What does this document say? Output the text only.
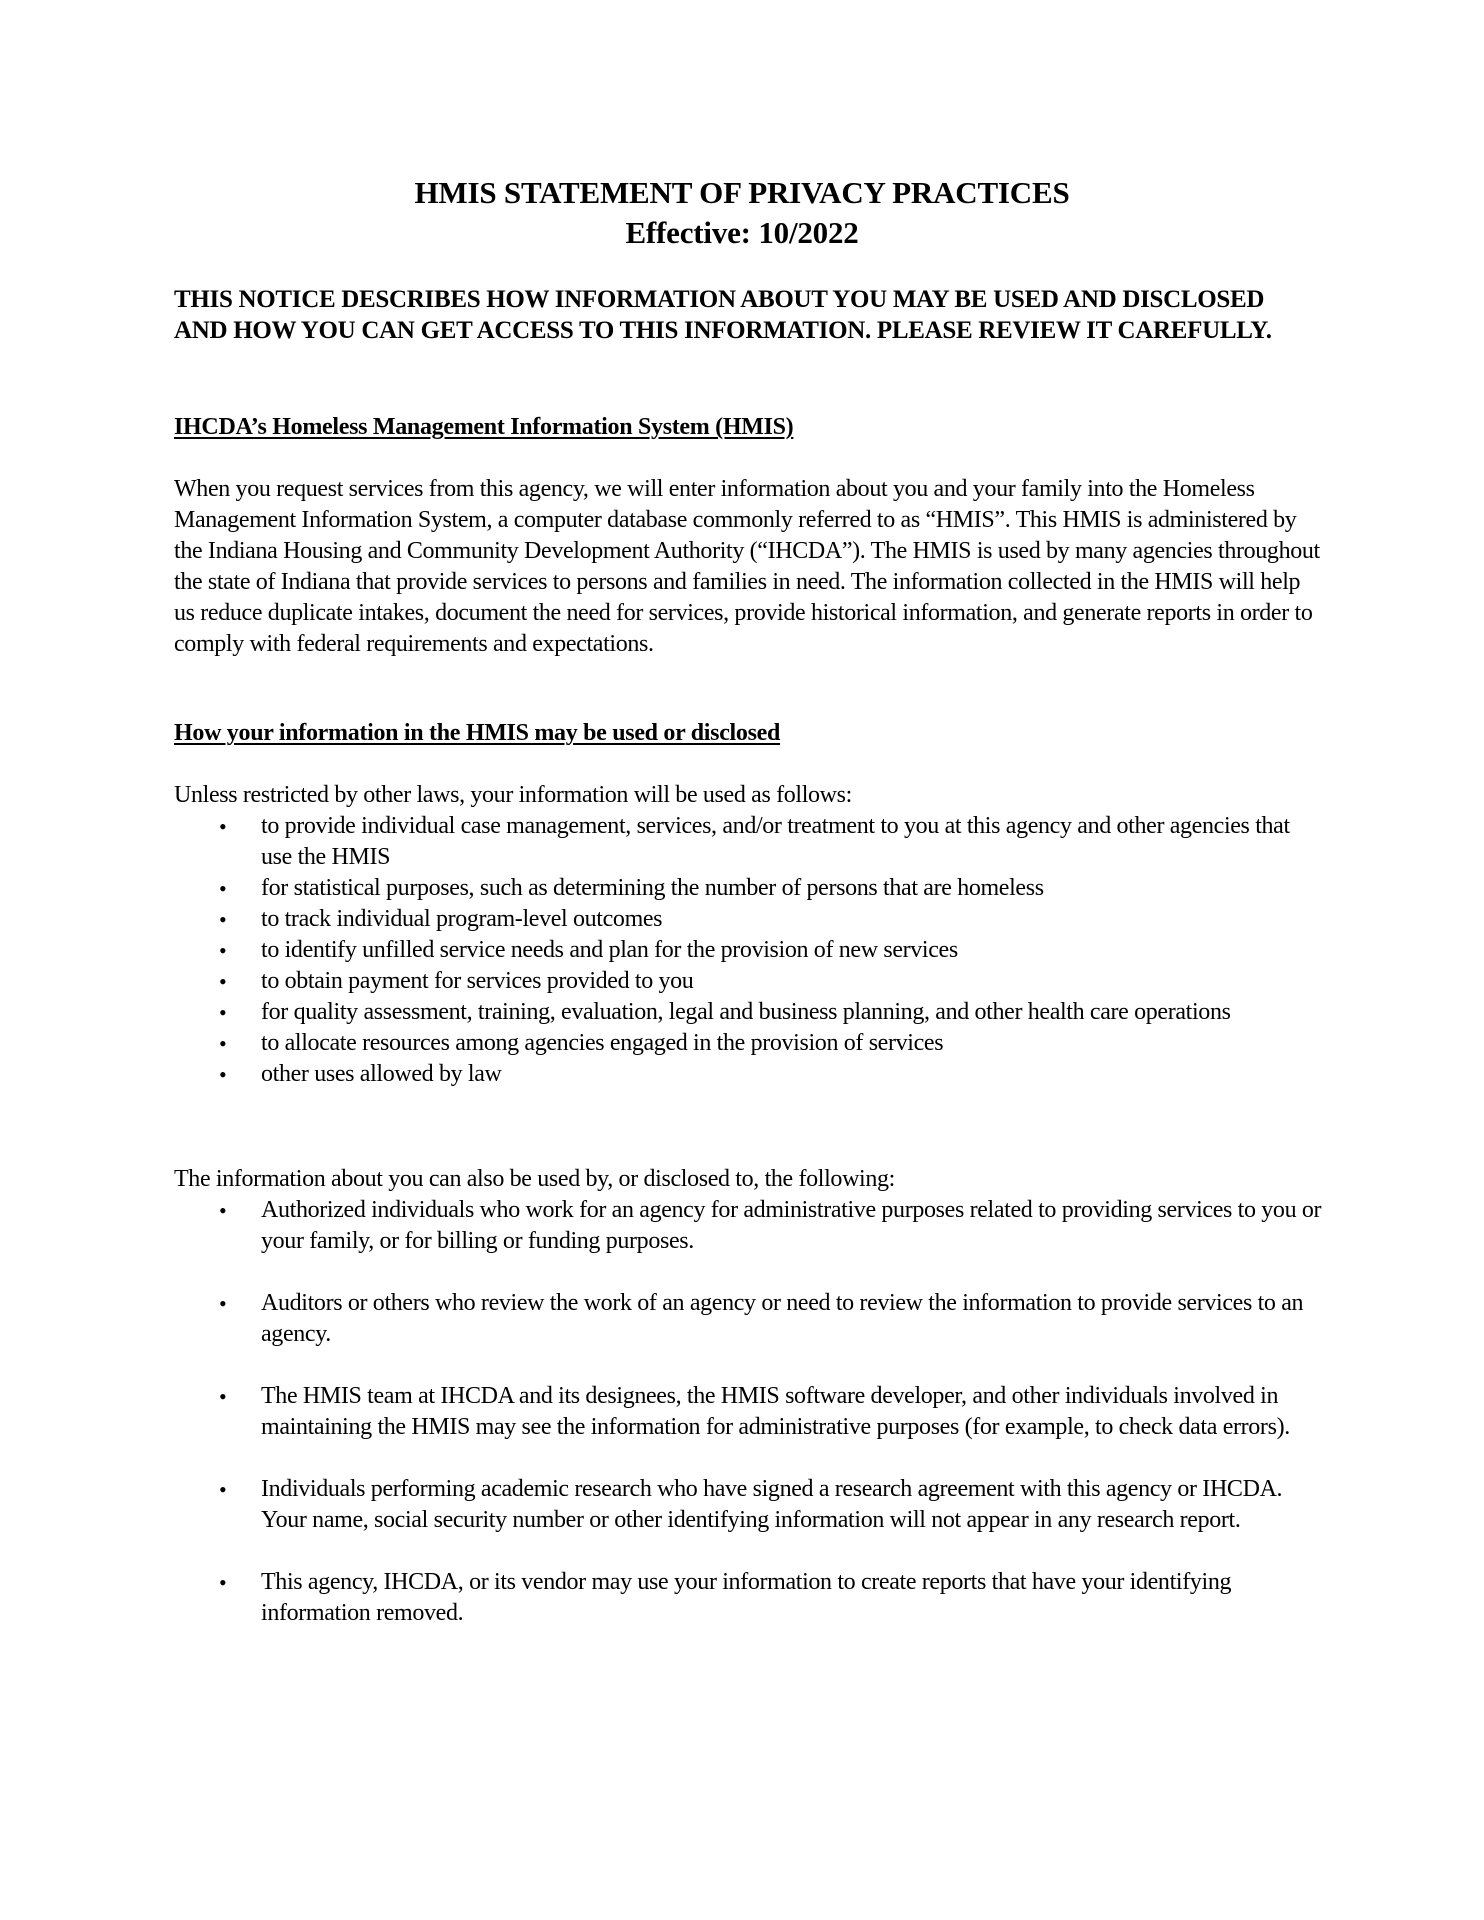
HMIS STATEMENT OF PRIVACY PRACTICES
Effective: 10/2022
THIS NOTICE DESCRIBES HOW INFORMATION ABOUT YOU MAY BE USED AND DISCLOSED AND HOW YOU CAN GET ACCESS TO THIS INFORMATION. PLEASE REVIEW IT CAREFULLY.
IHCDA’s Homeless Management Information System (HMIS)
When you request services from this agency, we will enter information about you and your family into the Homeless Management Information System, a computer database commonly referred to as “HMIS”. This HMIS is administered by the Indiana Housing and Community Development Authority (“IHCDA”). The HMIS is used by many agencies throughout the state of Indiana that provide services to persons and families in need. The information collected in the HMIS will help us reduce duplicate intakes, document the need for services, provide historical information, and generate reports in order to comply with federal requirements and expectations.
How your information in the HMIS may be used or disclosed
Unless restricted by other laws, your information will be used as follows:
• to provide individual case management, services, and/or treatment to you at this agency and other agencies that use the HMIS
• for statistical purposes, such as determining the number of persons that are homeless
• to track individual program-level outcomes
• to identify unfilled service needs and plan for the provision of new services
• to obtain payment for services provided to you
• for quality assessment, training, evaluation, legal and business planning, and other health care operations
• to allocate resources among agencies engaged in the provision of services
• other uses allowed by law
The information about you can also be used by, or disclosed to, the following:
• Authorized individuals who work for an agency for administrative purposes related to providing services to you or your family, or for billing or funding purposes.
• Auditors or others who review the work of an agency or need to review the information to provide services to an agency.
• The HMIS team at IHCDA and its designees, the HMIS software developer, and other individuals involved in maintaining the HMIS may see the information for administrative purposes (for example, to check data errors).
• Individuals performing academic research who have signed a research agreement with this agency or IHCDA. Your name, social security number or other identifying information will not appear in any research report.
• This agency, IHCDA, or its vendor may use your information to create reports that have your identifying information removed.
